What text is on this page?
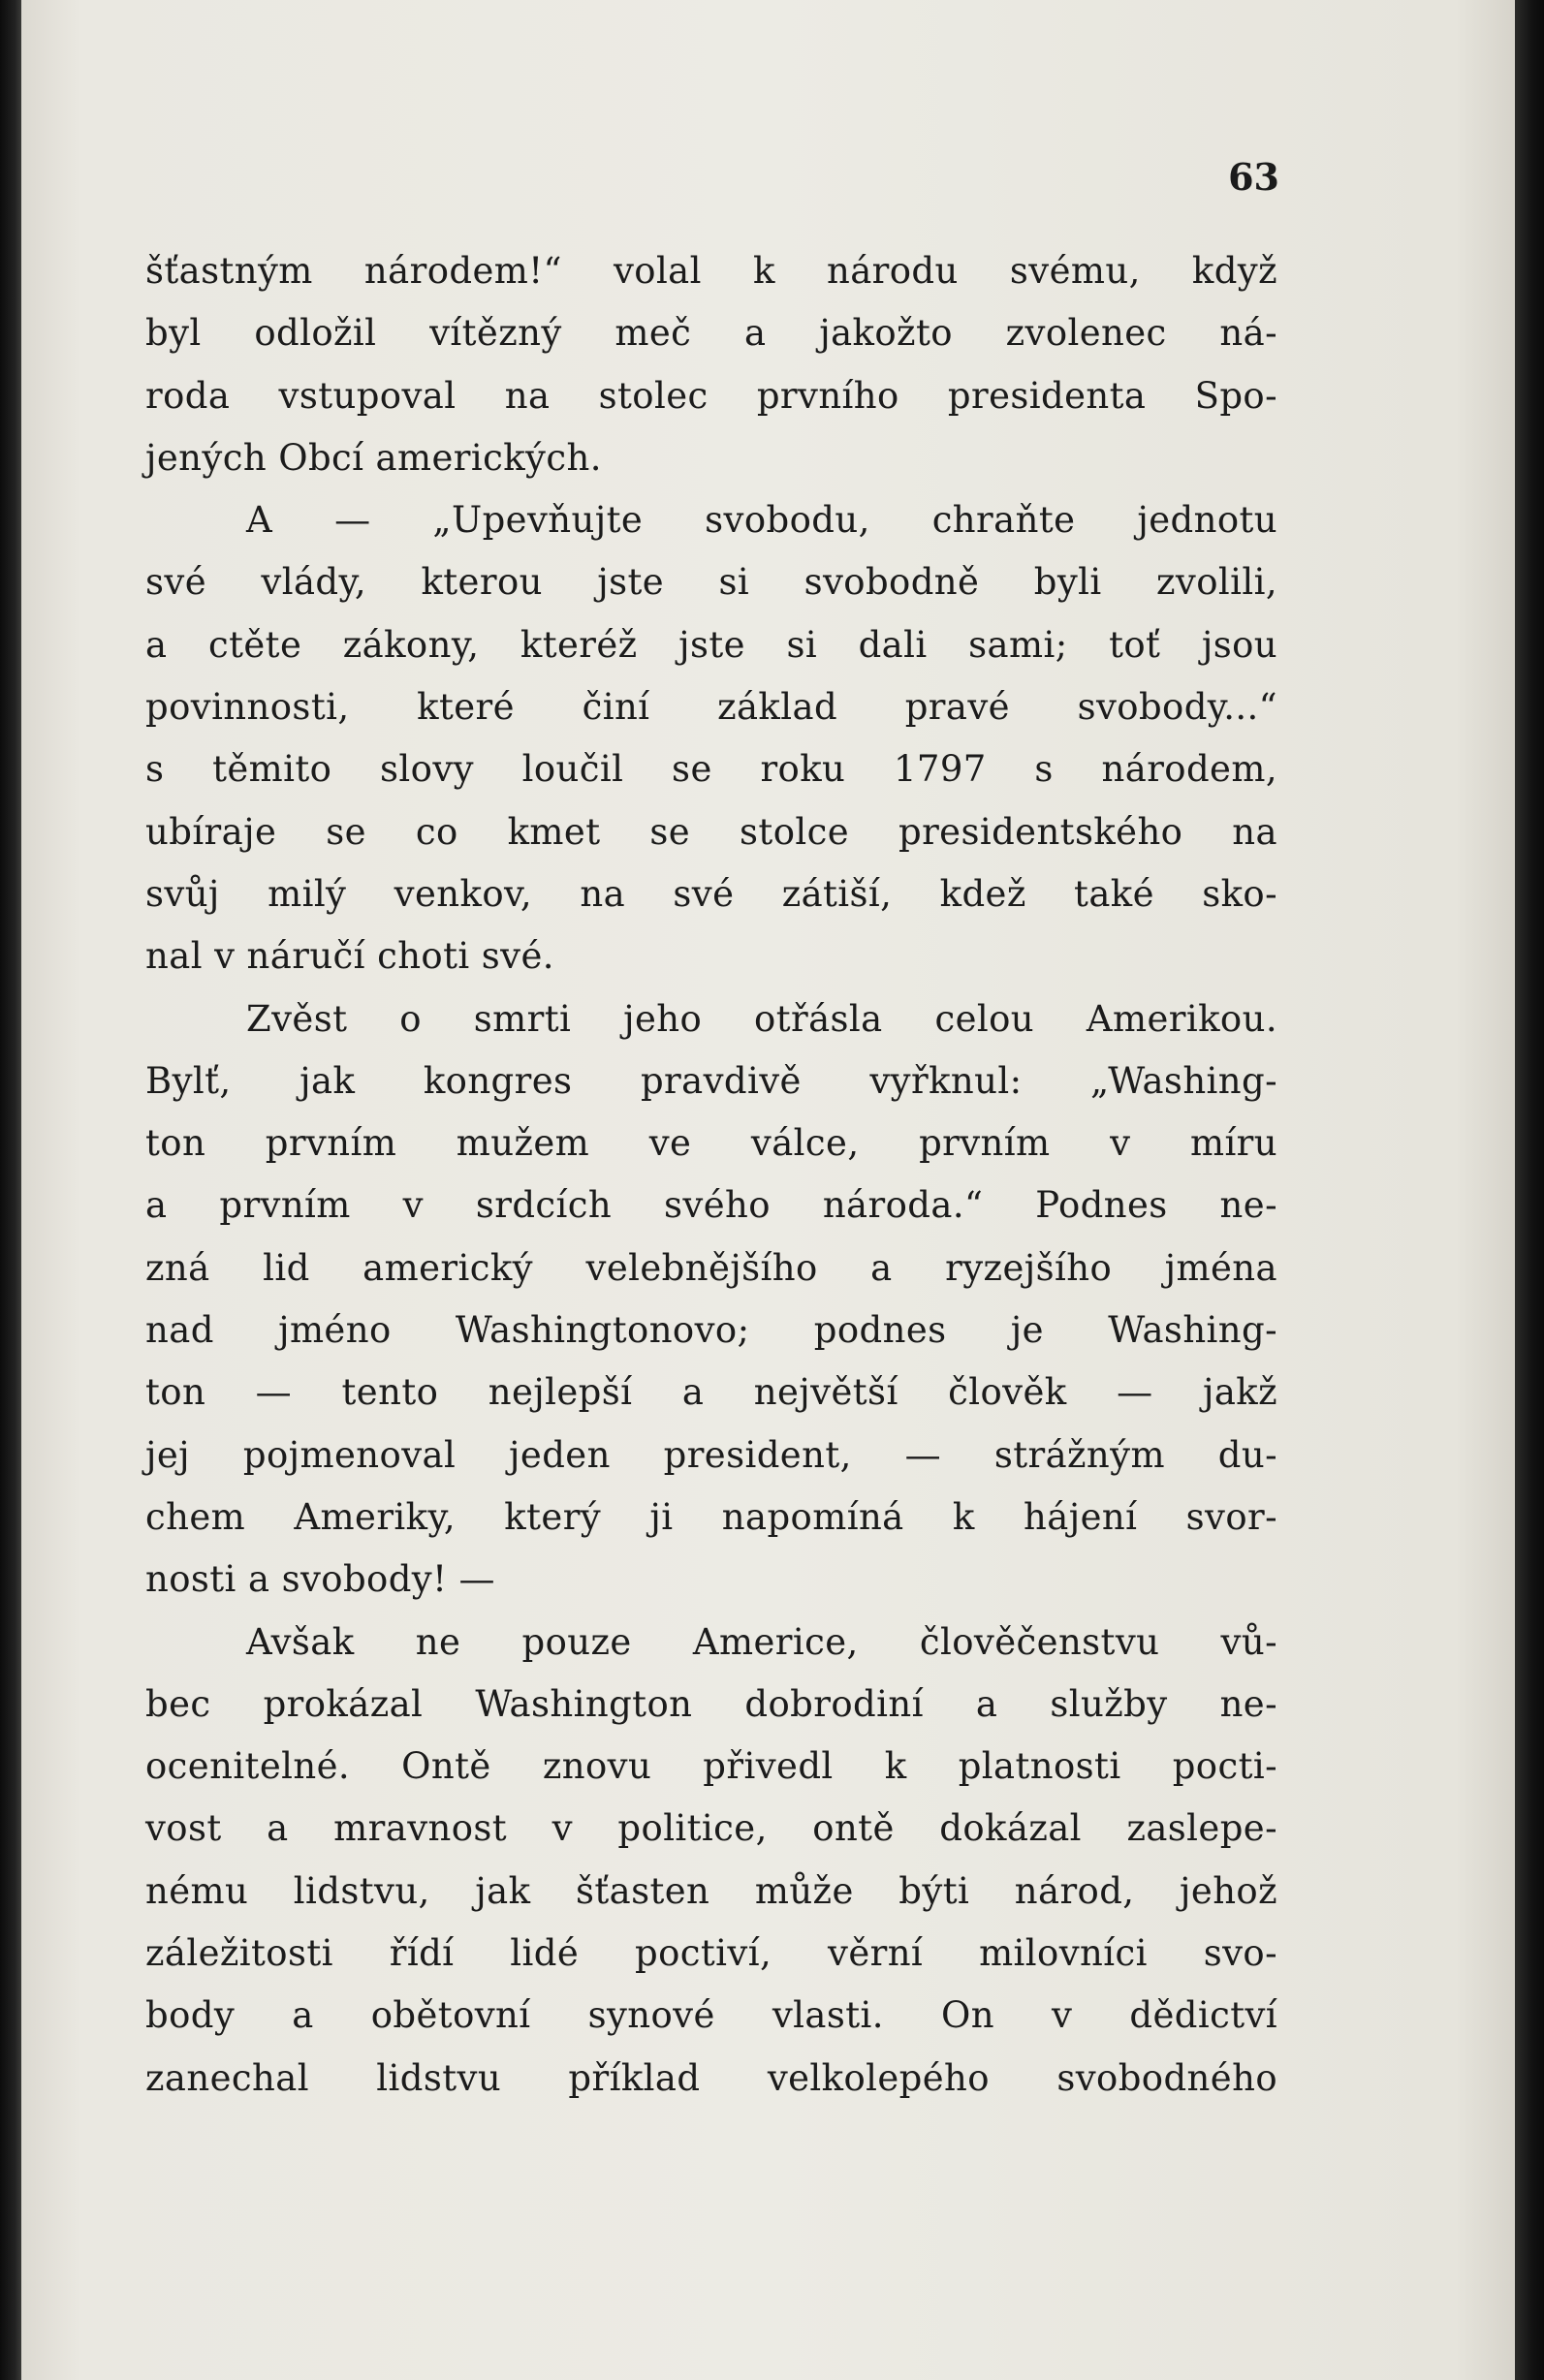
63
šťastným národem!“ volal k národu svému, když
byl odložil vítězný meč a jakožto zvolenec ná-
roda vstupoval na stolec prvního presidenta Spo-
jených Obcí amerických.
A — „Upevňujte svobodu, chraňte jednotu
své vlády, kterou jste si svobodně byli zvolili,
a ctěte zákony, kteréž jste si dali sami; toť jsou
povinnosti, které činí základ pravé svobody...“
s těmito slovy loučil se roku 1797 s národem,
ubíraje se co kmet se stolce presidentského na
svůj milý venkov, na své zátiší, kdež také sko-
nal v náručí choti své.
Zvěst o smrti jeho otřásla celou Amerikou.
Bylť, jak kongres pravdivě vyřknul: „Washing-
ton prvním mužem ve válce, prvním v míru
a prvním v srdcích svého národa.“ Podnes ne-
zná lid americký velebnějšího a ryzejšího jména
nad jméno Washingtonovo; podnes je Washing-
ton — tento nejlepší a největší člověk — jakž
jej pojmenoval jeden president, — strážným du-
chem Ameriky, který ji napomíná k hájení svor-
nosti a svobody! —
Avšak ne pouze Americe, člověčenstvu vů-
bec prokázal Washington dobrodiní a služby ne-
ocenitelné. Ontě znovu přivedl k platnosti pocti-
vost a mravnost v politice, ontě dokázal zaslepe-
nému lidstvu, jak šťasten může býti národ, jehož
záležitosti řídí lidé poctiví, věrní milovníci svo-
body a obětovní synové vlasti. On v dědictví
zanechal lidstvu příklad velkolepého svobodného
